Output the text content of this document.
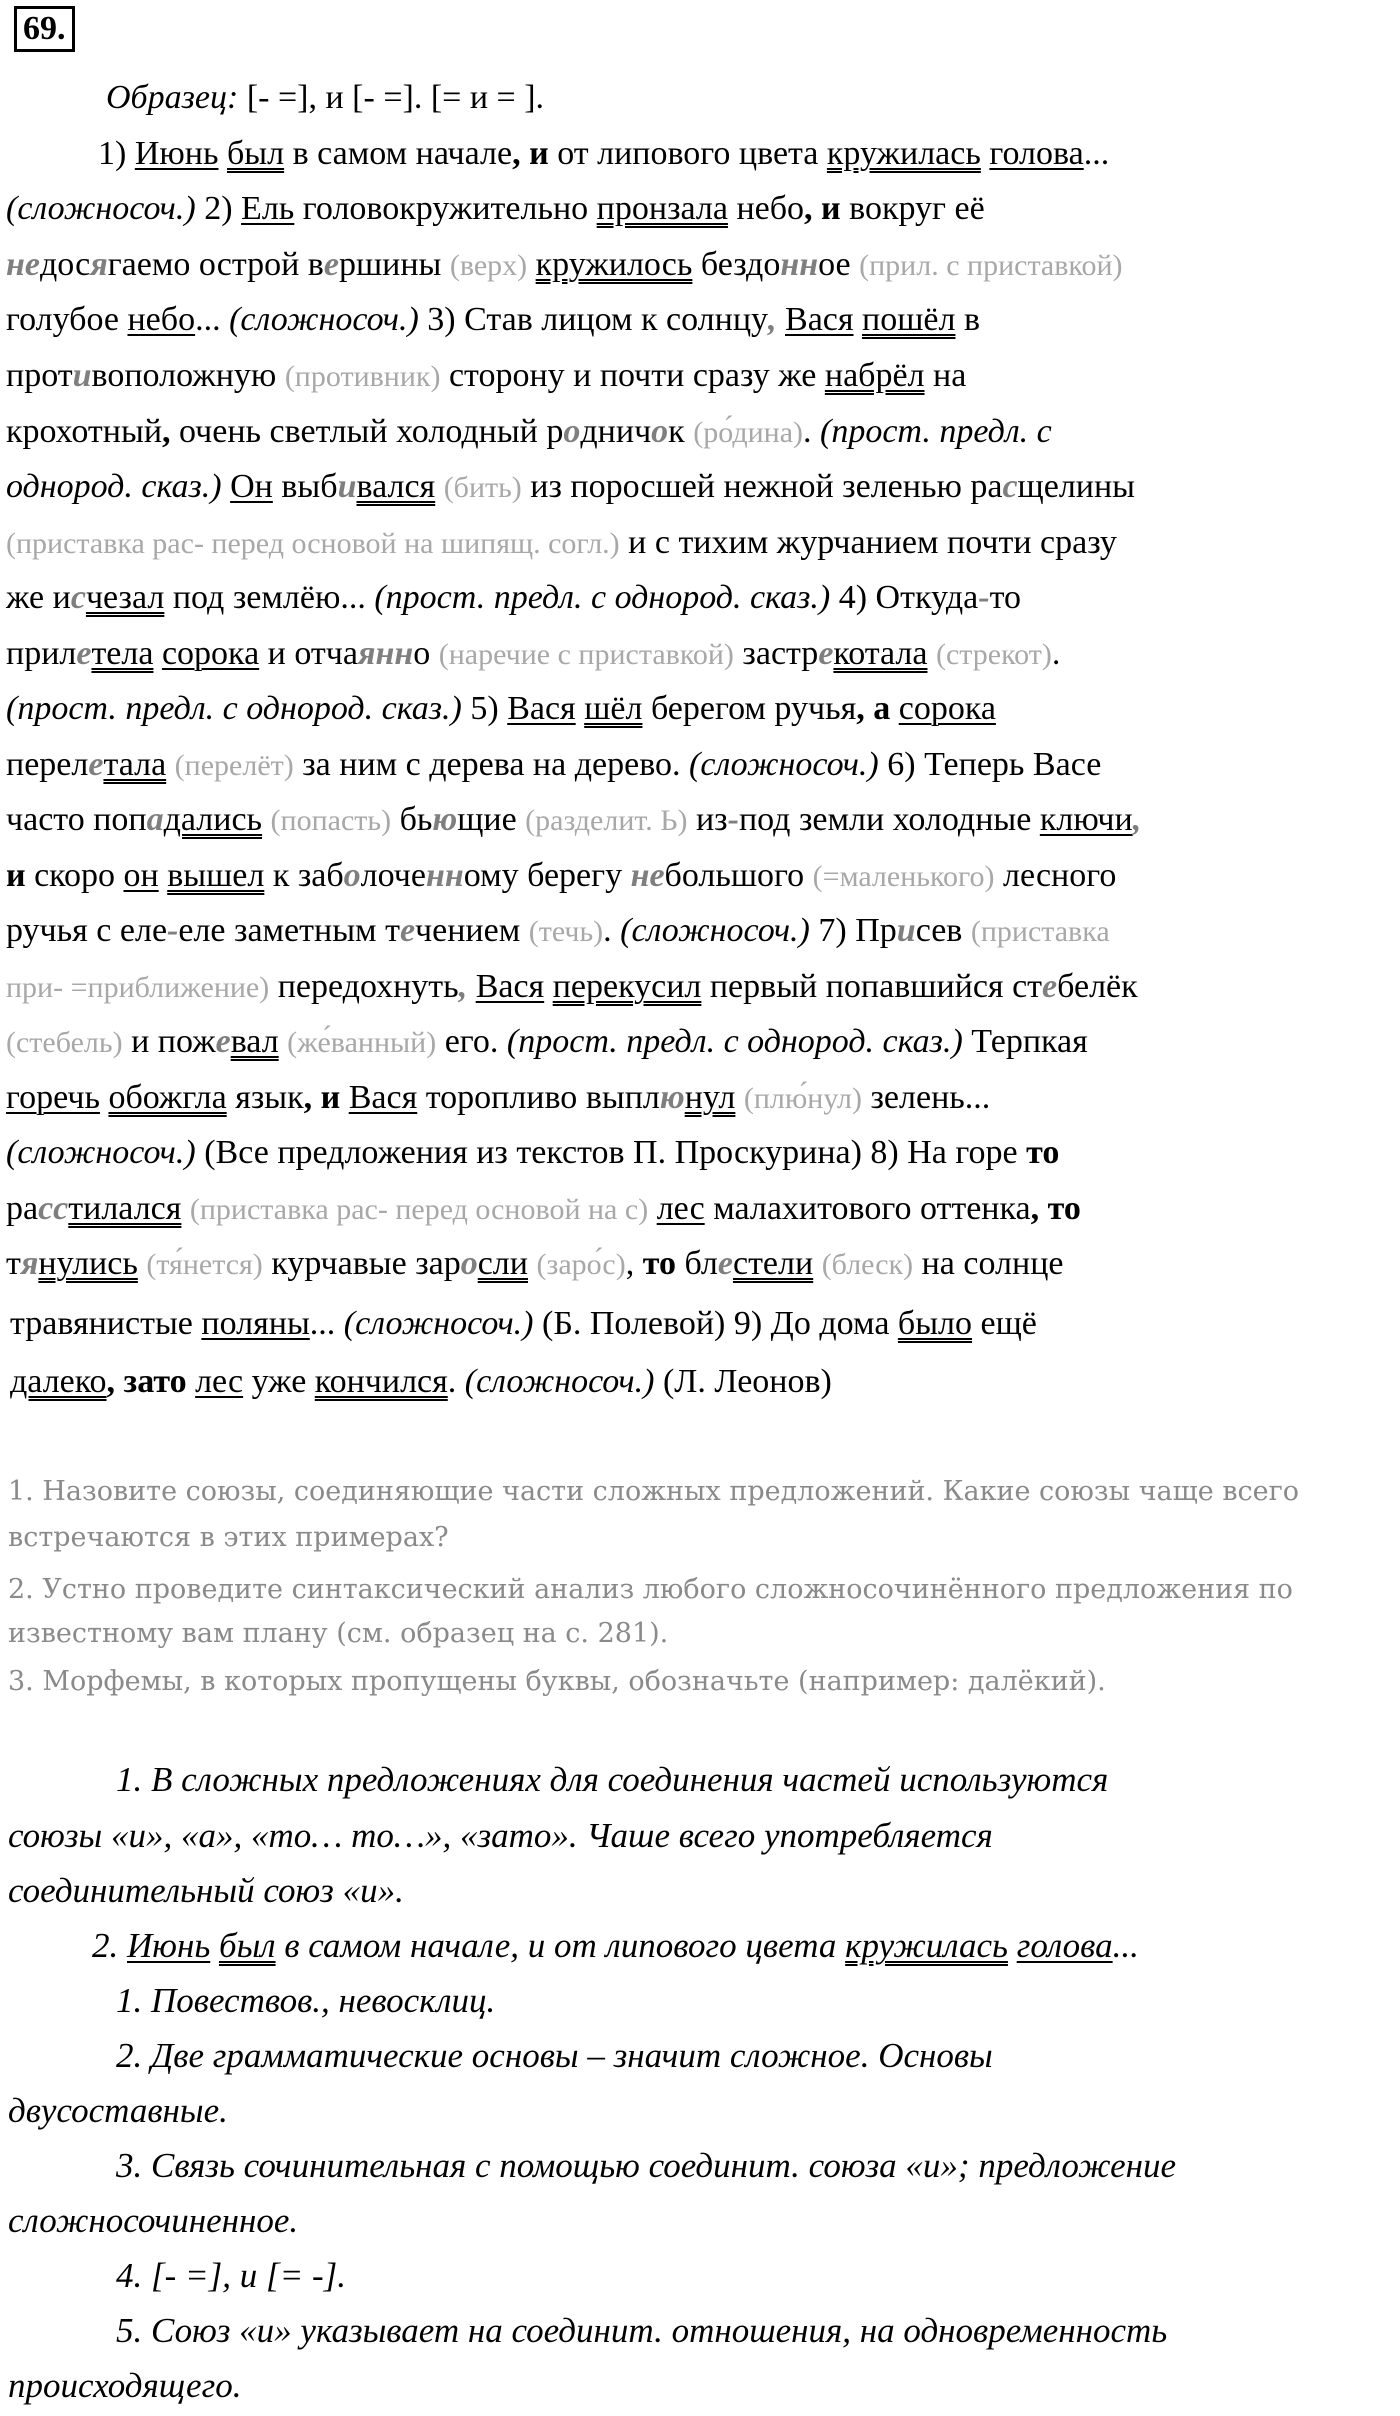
69.
Образец: [- =], и [- =]. [= и = ].
1) Июнь был в самом начале, и от липового цвета кружилась голова...
(сложносоч.) 2) Ель головокружительно пронзала небо, и вокруг её
недосягаемо острой вершины (верх) кружилось бездонное (прил. с приставкой)
голубое небо... (сложносоч.) 3) Став лицом к солнцу, Вася пошёл в
противоположную (противник) сторону и почти сразу же набрёл на
крохотный, очень светлый холодный родничок (ро́дина). (прост. предл. с
однород. сказ.) Он выбивался (бить) из поросшей нежной зеленью расщелины
(приставка рас- перед основой на шипящ. согл.) и с тихим журчанием почти сразу
же исчезал под землёю... (прост. предл. с однород. сказ.) 4) Откуда-то
прилетела сорока и отчаянно (наречие с приставкой) застрекотала (стрекот).
(прост. предл. с однород. сказ.) 5) Вася шёл берегом ручья, а сорока
перелетала (перелёт) за ним с дерева на дерево. (сложносоч.) 6) Теперь Васе
часто попадались (попасть) бьющие (разделит. Ь) из-под земли холодные ключи,
и скоро он вышел к заболоченному берегу небольшого (=маленького) лесного
ручья с еле-еле заметным течением (течь). (сложносоч.) 7) Присев (приставка
при- =приближение) передохнуть, Вася перекусил первый попавшийся стебелёк
(стебель) и пожевал (же́ванный) его. (прост. предл. с однород. сказ.) Терпкая
горечь обожгла язык, и Вася торопливо выплюнул (плю́нул) зелень...
(сложносоч.) (Все предложения из текстов П. Проскурина) 8) На горе то
расстилался (приставка рас- перед основой на с) лес малахитового оттенка, то
тянулись (тя́нется) курчавые заросли (заро́с), то блестели (блеск) на солнце
травянистые поляны... (сложносоч.) (Б. Полевой) 9) До дома было ещё
далеко, зато лес уже кончился. (сложносоч.) (Л. Леонов)
1. Назовите союзы, соединяющие части сложных предложений. Какие союзы чаще всего
встречаются в этих примерах?
2. Устно проведите синтаксический анализ любого сложносочинённого предложения по
известному вам плану (см. образец на с. 281).
3. Морфемы, в которых пропущены буквы, обозначьте (например: далёкий).
1. В сложных предложениях для соединения частей используются
союзы «и», «а», «то… то…», «зато». Чаше всего употребляется
соединительный союз «и».
2. Июнь был в самом начале, и от липового цвета кружилась голова...
1. Повествов., невосклиц.
2. Две грамматические основы – значит сложное. Основы
двусоставные.
3. Связь сочинительная с помощью соединит. союза «и»; предложение
сложносочиненное.
4. [- =], и [= -].
5. Союз «и» указывает на соединит. отношения, на одновременность
происходящего.
